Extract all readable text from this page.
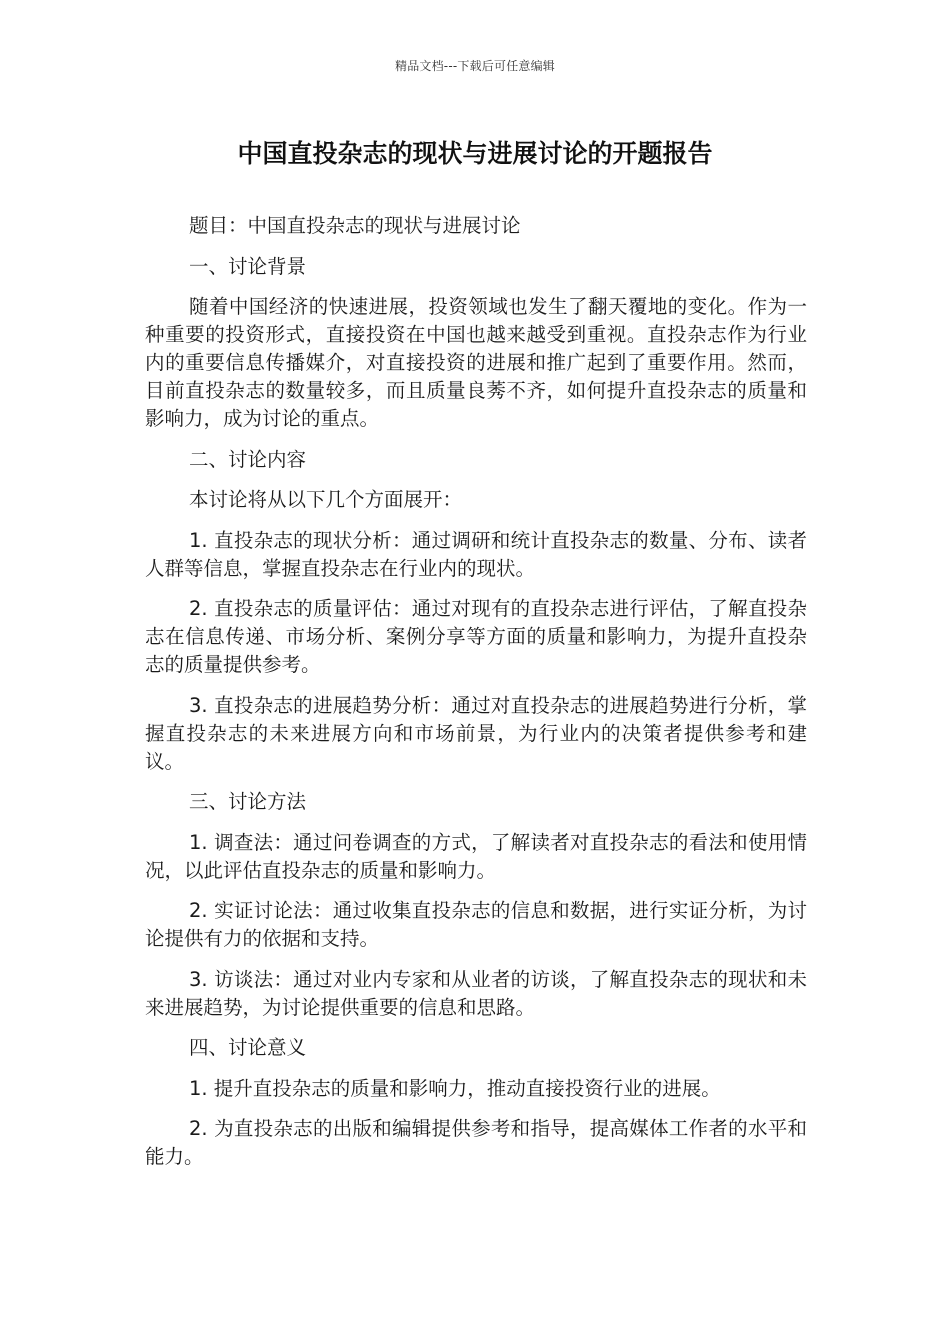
精品文档---下载后可任意编辑
中国直投杂志的现状与进展讨论的开题报告

题目：中国直投杂志的现状与进展讨论

一、讨论背景

随着中国经济的快速进展，投资领域也发生了翻天覆地的变化。作为一种重要的投资形式，直接投资在中国也越来越受到重视。直投杂志作为行业内的重要信息传播媒介，对直接投资的进展和推广起到了重要作用。然而，目前直投杂志的数量较多，而且质量良莠不齐，如何提升直投杂志的质量和影响力，成为讨论的重点。

二、讨论内容

本讨论将从以下几个方面展开：

1. 直投杂志的现状分析：通过调研和统计直投杂志的数量、分布、读者人群等信息，掌握直投杂志在行业内的现状。

2. 直投杂志的质量评估：通过对现有的直投杂志进行评估，了解直投杂志在信息传递、市场分析、案例分享等方面的质量和影响力，为提升直投杂志的质量提供参考。

3. 直投杂志的进展趋势分析：通过对直投杂志的进展趋势进行分析，掌握直投杂志的未来进展方向和市场前景，为行业内的决策者提供参考和建议。

三、讨论方法

1. 调查法：通过问卷调查的方式，了解读者对直投杂志的看法和使用情况，以此评估直投杂志的质量和影响力。

2. 实证讨论法：通过收集直投杂志的信息和数据，进行实证分析，为讨论提供有力的依据和支持。

3. 访谈法：通过对业内专家和从业者的访谈，了解直投杂志的现状和未来进展趋势，为讨论提供重要的信息和思路。

四、讨论意义

1. 提升直投杂志的质量和影响力，推动直接投资行业的进展。

2. 为直投杂志的出版和编辑提供参考和指导，提高媒体工作者的水平和能力。
